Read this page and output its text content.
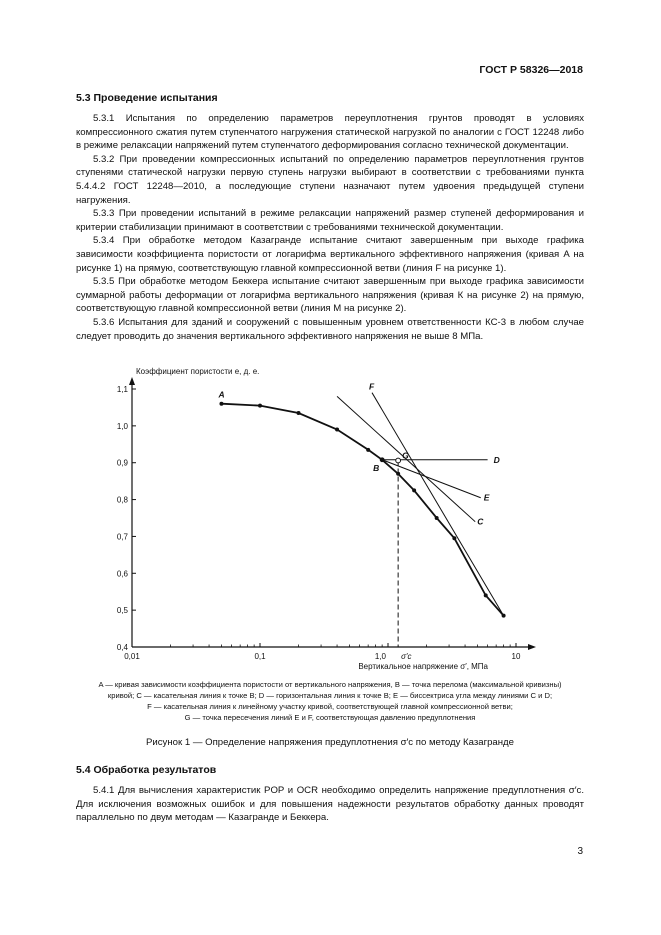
ГОСТ Р 58326—2018
5.3 Проведение испытания

5.3.1 Испытания по определению параметров переуплотнения грунтов проводят в условиях компрессионного сжатия путем ступенчатого нагружения статической нагрузкой по аналогии с ГОСТ 12248 либо в режиме релаксации напряжений путем ступенчатого деформирования согласно технической документации.

5.3.2 При проведении компрессионных испытаний по определению параметров переуплотнения грунтов ступенями статической нагрузки первую ступень нагрузки выбирают в соответствии с требованиями пункта 5.4.4.2 ГОСТ 12248—2010, а последующие ступени назначают путем удвоения предыдущей ступени нагружения.

5.3.3 При проведении испытаний в режиме релаксации напряжений размер ступеней деформирования и критерии стабилизации принимают в соответствии с требованиями технической документации.

5.3.4 При обработке методом Казагранде испытание считают завершенным при выходе графика зависимости коэффициента пористости от логарифма вертикального эффективного напряжения (кривая A на рисунке 1) на прямую, соответствующую главной компрессионной ветви (линия F на рисунке 1).

5.3.5 При обработке методом Беккера испытание считают завершенным при выходе графика зависимости суммарной работы деформации от логарифма вертикального напряжения (кривая К на рисунке 2) на прямую, соответствующую главной компрессионной ветви (линия М на рисунке 2).

5.3.6 Испытания для зданий и сооружений с повышенным уровнем ответственности КС-3 в любом случае следует проводить до значения вертикального эффективного напряжения не выше 8 МПа.

Коэффициент пористости e, д. е.
Вертикальное напряжение σ′, МПа
0,4
0,5
0,6
0,7
0,8
0,9
1,0
1,1
0,01	0,1	1,0	10
A
B
C
D
E
F
G
σ′c
A — кривая зависимости коэффициента пористости от вертикального напряжения, B — точка перелома (максимальной кривизны)
кривой; C — касательная линия к точке B; D — горизонтальная линия к точке B; E — биссектриса угла между линиями C и D;
F — касательная линия к линейному участку кривой, соответствующей главной компрессионной ветви;
G — точка пересечения линий E и F, соответствующая давлению предуплотнения
Рисунок 1 — Определение напряжения предуплотнения σ′c по методу Казагранде
5.4 Обработка результатов

5.4.1 Для вычисления характеристик POP и OCR необходимо определить напряжение предуплотнения σ′c. Для исключения возможных ошибок и для повышения надежности результатов обработку данных проводят параллельно по двум методам — Казагранде и Беккера.

3
